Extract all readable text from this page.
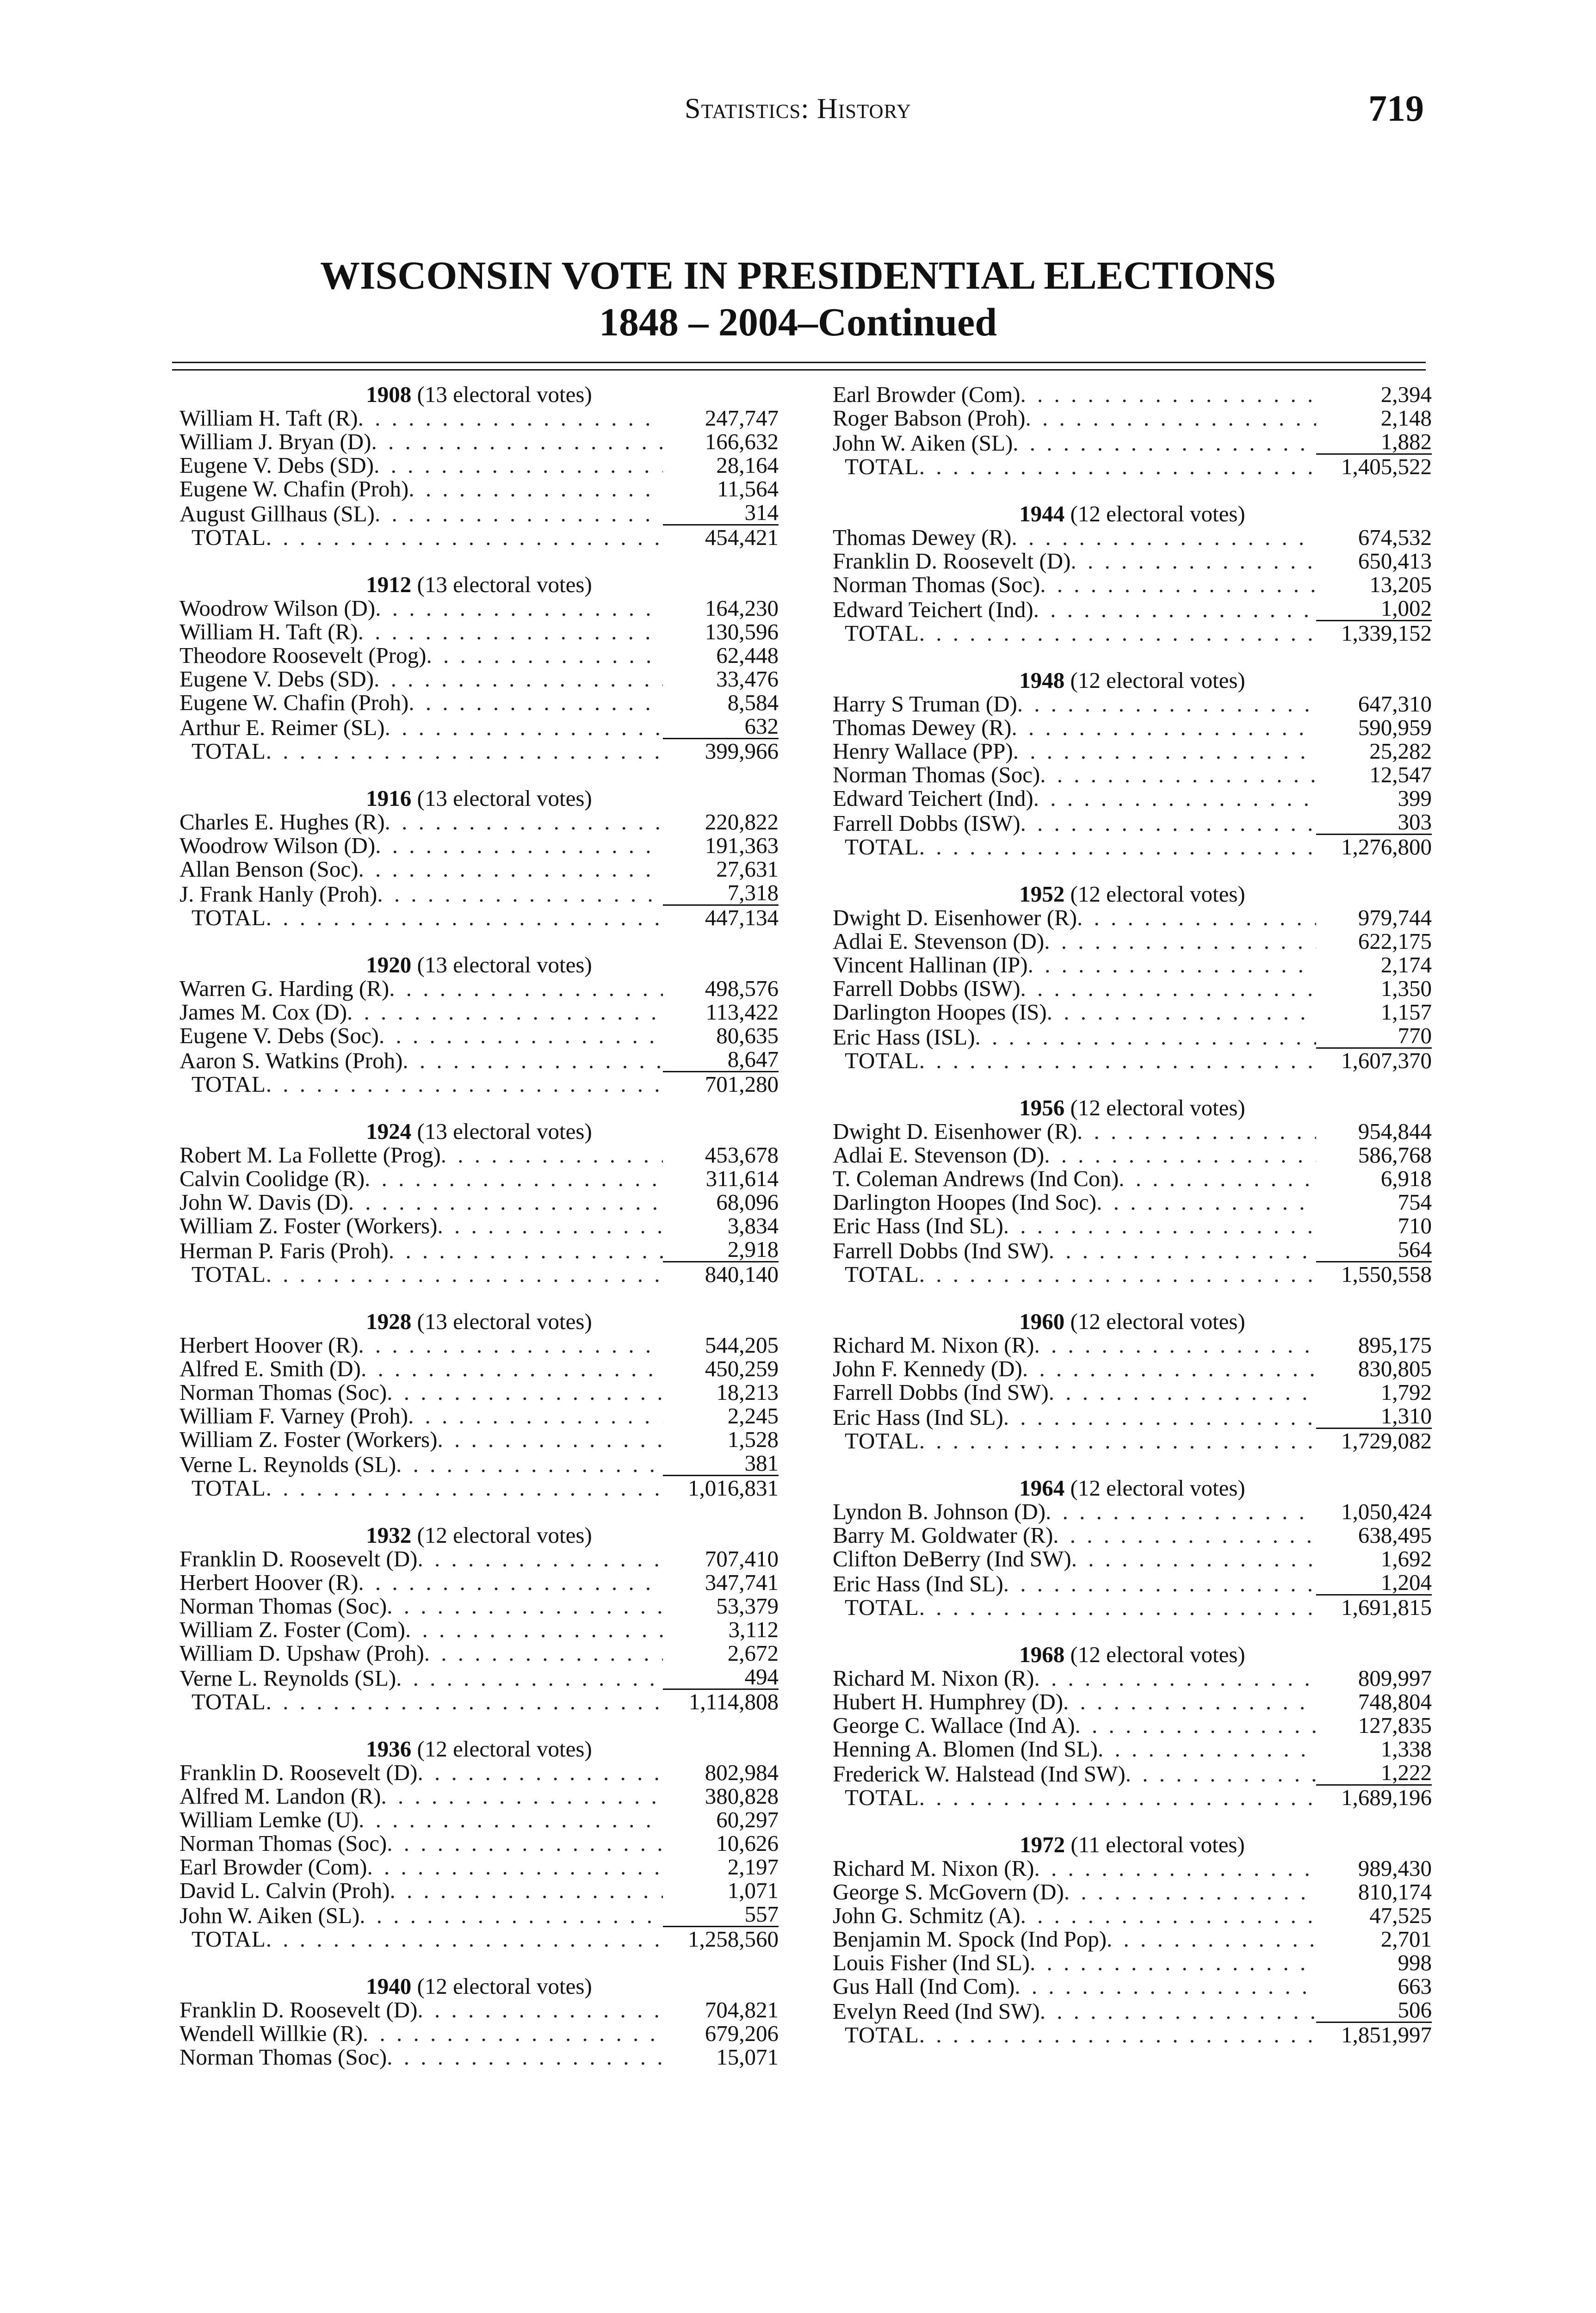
Statistics: History	719
WISCONSIN VOTE IN PRESIDENTIAL ELECTIONS
1848 – 2004–Continued
1908 (13 electoral votes)
William H. Taft (R) . . .	247,747
William J. Bryan (D) . . .	166,632
Eugene V. Debs (SD) . . .	28,164
Eugene W. Chafin (Proh) . . .	11,564
August Gillhaus (SL) . . .	314
TOTAL . . .	454,421
1912 (13 electoral votes)
Woodrow Wilson (D) . . .	164,230
William H. Taft (R) . . .	130,596
Theodore Roosevelt (Prog) . . .	62,448
Eugene V. Debs (SD) . . .	33,476
Eugene W. Chafin (Proh) . . .	8,584
Arthur E. Reimer (SL) . . .	632
TOTAL . . .	399,966
1916 (13 electoral votes)
Charles E. Hughes (R) . . .	220,822
Woodrow Wilson (D) . . .	191,363
Allan Benson (Soc) . . .	27,631
J. Frank Hanly (Proh) . . .	7,318
TOTAL . . .	447,134
1920 (13 electoral votes)
Warren G. Harding (R) . . .	498,576
James M. Cox (D) . . .	113,422
Eugene V. Debs (Soc) . . .	80,635
Aaron S. Watkins (Proh) . . .	8,647
TOTAL . . .	701,280
1924 (13 electoral votes)
Robert M. La Follette (Prog) . . .	453,678
Calvin Coolidge (R) . . .	311,614
John W. Davis (D) . . .	68,096
William Z. Foster (Workers) . . .	3,834
Herman P. Faris (Proh) . . .	2,918
TOTAL . . .	840,140
1928 (13 electoral votes)
Herbert Hoover (R) . . .	544,205
Alfred E. Smith (D) . . .	450,259
Norman Thomas (Soc) . . .	18,213
William F. Varney (Proh) . . .	2,245
William Z. Foster (Workers) . . .	1,528
Verne L. Reynolds (SL) . . .	381
TOTAL . . .	1,016,831
1932 (12 electoral votes)
Franklin D. Roosevelt (D) . . .	707,410
Herbert Hoover (R) . . .	347,741
Norman Thomas (Soc) . . .	53,379
William Z. Foster (Com) . . .	3,112
William D. Upshaw (Proh) . . .	2,672
Verne L. Reynolds (SL) . . .	494
TOTAL . . .	1,114,808
1936 (12 electoral votes)
Franklin D. Roosevelt (D) . . .	802,984
Alfred M. Landon (R) . . .	380,828
William Lemke (U) . . .	60,297
Norman Thomas (Soc) . . .	10,626
Earl Browder (Com) . . .	2,197
David L. Calvin (Proh) . . .	1,071
John W. Aiken (SL) . . .	557
TOTAL . . .	1,258,560
1940 (12 electoral votes)
Franklin D. Roosevelt (D) . . .	704,821
Wendell Willkie (R) . . .	679,206
Norman Thomas (Soc) . . .	15,071
Earl Browder (Com) . . .	2,394
Roger Babson (Proh) . . .	2,148
John W. Aiken (SL) . . .	1,882
TOTAL . . .	1,405,522
1944 (12 electoral votes)
Thomas Dewey (R) . . .	674,532
Franklin D. Roosevelt (D) . . .	650,413
Norman Thomas (Soc) . . .	13,205
Edward Teichert (Ind) . . .	1,002
TOTAL . . .	1,339,152
1948 (12 electoral votes)
Harry S Truman (D) . . .	647,310
Thomas Dewey (R) . . .	590,959
Henry Wallace (PP) . . .	25,282
Norman Thomas (Soc) . . .	12,547
Edward Teichert (Ind) . . .	399
Farrell Dobbs (ISW) . . .	303
TOTAL . . .	1,276,800
1952 (12 electoral votes)
Dwight D. Eisenhower (R) . . .	979,744
Adlai E. Stevenson (D) . . .	622,175
Vincent Hallinan (IP) . . .	2,174
Farrell Dobbs (ISW) . . .	1,350
Darlington Hoopes (IS) . . .	1,157
Eric Hass (ISL) . . .	770
TOTAL . . .	1,607,370
1956 (12 electoral votes)
Dwight D. Eisenhower (R) . . .	954,844
Adlai E. Stevenson (D) . . .	586,768
T. Coleman Andrews (Ind Con) . . .	6,918
Darlington Hoopes (Ind Soc) . . .	754
Eric Hass (Ind SL) . . .	710
Farrell Dobbs (Ind SW) . . .	564
TOTAL . . .	1,550,558
1960 (12 electoral votes)
Richard M. Nixon (R) . . .	895,175
John F. Kennedy (D) . . .	830,805
Farrell Dobbs (Ind SW) . . .	1,792
Eric Hass (Ind SL) . . .	1,310
TOTAL . . .	1,729,082
1964 (12 electoral votes)
Lyndon B. Johnson (D) . . .	1,050,424
Barry M. Goldwater (R) . . .	638,495
Clifton DeBerry (Ind SW) . . .	1,692
Eric Hass (Ind SL) . . .	1,204
TOTAL . . .	1,691,815
1968 (12 electoral votes)
Richard M. Nixon (R) . . .	809,997
Hubert H. Humphrey (D) . . .	748,804
George C. Wallace (Ind A) . . .	127,835
Henning A. Blomen (Ind SL) . . .	1,338
Frederick W. Halstead (Ind SW) . . .	1,222
TOTAL . . .	1,689,196
1972 (11 electoral votes)
Richard M. Nixon (R) . . .	989,430
George S. McGovern (D) . . .	810,174
John G. Schmitz (A) . . .	47,525
Benjamin M. Spock (Ind Pop) . . .	2,701
Louis Fisher (Ind SL) . . .	998
Gus Hall (Ind Com) . . .	663
Evelyn Reed (Ind SW) . . .	506
TOTAL . . .	1,851,997
